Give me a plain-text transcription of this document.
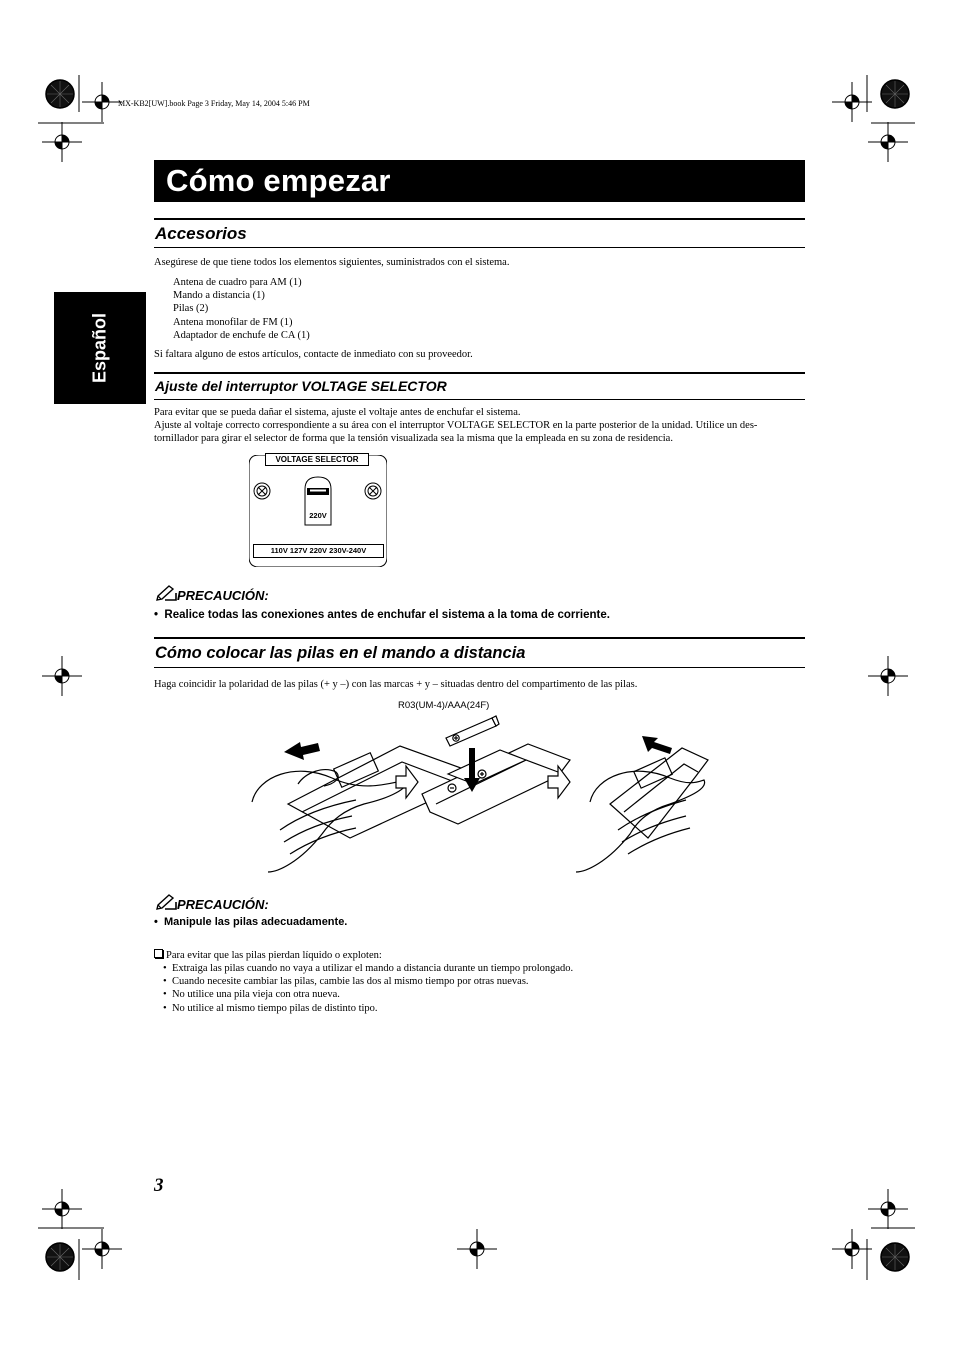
MX-KB2[UW].book Page 3 Friday, May 14, 2004 5:46 PM
Cómo empezar
Español
Accesorios
Asegúrese de que tiene todos los elementos siguientes, suministrados con el sistema.
Antena de cuadro para AM (1)
Mando a distancia (1)
Pilas (2)
Antena monofilar de FM (1)
Adaptador de enchufe de CA (1)
Si faltara alguno de estos artículos, contacte de inmediato con su proveedor.
Ajuste del interruptor VOLTAGE SELECTOR
Para evitar que se pueda dañar el sistema, ajuste el voltaje antes de enchufar el sistema.
Ajuste al voltaje correcto correspondiente a su área con el interruptor VOLTAGE SELECTOR en la parte posterior de la unidad. Utilice un des-
tornillador para girar el selector de forma que la tensión visualizada sea la misma que la empleada en su zona de residencia.
VOLTAGE SELECTOR
220V
110V 127V 220V 230V-240V
PRECAUCIÓN:
•  Realice todas las conexiones antes de enchufar el sistema a la toma de corriente.
Cómo colocar las pilas en el mando a distancia
Haga coincidir la polaridad de las pilas (+ y –) con las marcas + y – situadas dentro del compartimento de las pilas.
R03(UM-4)/AAA(24F)
PRECAUCIÓN:
•  Manipule las pilas adecuadamente.
Para evitar que las pilas pierdan líquido o exploten:
•  Extraiga las pilas cuando no vaya a utilizar el mando a distancia durante un tiempo prolongado.
•  Cuando necesite cambiar las pilas, cambie las dos al mismo tiempo por otras nuevas.
•  No utilice una pila vieja con otra nueva.
•  No utilice al mismo tiempo pilas de distinto tipo.
3
